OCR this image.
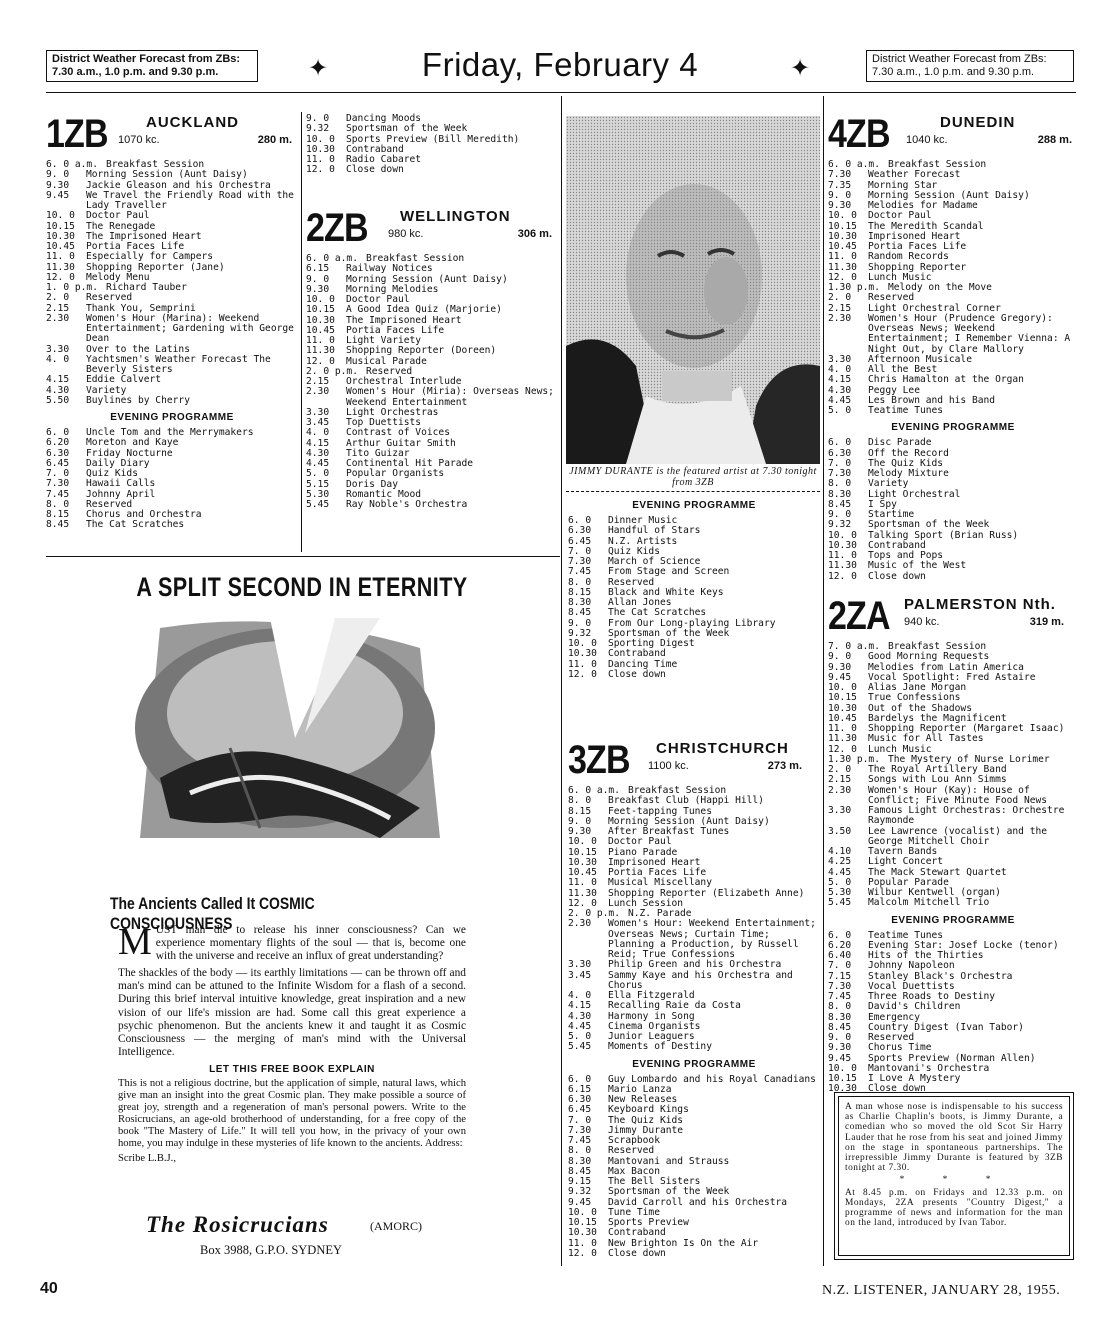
District Weather Forecast from ZBs:
7.30 a.m., 1.0 p.m. and 9.30 p.m.	✦	Friday, February 4	✦	District Weather Forecast from ZBs:
7.30 a.m., 1.0 p.m. and 9.30 p.m.
1ZB	AUCKLAND
1070 kc.	280 m.
6. 0 a.m. Breakfast Session
9. 0	Morning Session (Aunt Daisy)
9.30	Jackie Gleason and his Orchestra
9.45	We Travel the Friendly Road with the Lady Traveller
10. 0	Doctor Paul
10.15	The Renegade
10.30	The Imprisoned Heart
10.45	Portia Faces Life
11. 0	Especially for Campers
11.30	Shopping Reporter (Jane)
12. 0	Melody Menu
1. 0 p.m. Richard Tauber
2. 0	Reserved
2.15	Thank You, Semprini
2.30	Women's Hour (Marina): Weekend Entertainment; Gardening with George Dean
3.30	Over to the Latins
4. 0	Yachtsmen's Weather Forecast The Beverly Sisters
4.15	Eddie Calvert
4.30	Variety
5.50	Buylines by Cherry
EVENING PROGRAMME
6. 0	Uncle Tom and the Merrymakers
6.20	Moreton and Kaye
6.30	Friday Nocturne
6.45	Daily Diary
7. 0	Quiz Kids
7.30	Hawaii Calls
7.45	Johnny April
8. 0	Reserved
8.15	Chorus and Orchestra
8.45	The Cat Scratches
9. 0	Dancing Moods
9.32	Sportsman of the Week
10. 0	Sports Preview (Bill Meredith)
10.30	Contraband
11. 0	Radio Cabaret
12. 0	Close down
2ZB WELLINGTON
980 kc.	306 m.
6. 0 a.m. Breakfast Session
6.15	Railway Notices
9. 0	Morning Session (Aunt Daisy)
9.30	Morning Melodies
10. 0	Doctor Paul
10.15	A Good Idea Quiz (Marjorie)
10.30	The Imprisoned Heart
10.45	Portia Faces Life
11. 0	Light Variety
11.30	Shopping Reporter (Doreen)
12. 0	Musical Parade
2. 0 p.m. Reserved
2.15	Orchestral Interlude
2.30	Women's Hour (Miria): Overseas News; Weekend Entertainment
3.30	Light Orchestras
3.45	Top Duettists
4. 0	Contrast of Voices
4.15	Arthur Guitar Smith
4.30	Tito Guizar
4.45	Continental Hit Parade
5. 0	Popular Organists
5.15	Doris Day
5.30	Romantic Mood
5.45	Ray Noble's Orchestra
A SPLIT SECOND IN ETERNITY
The Ancients Called It COSMIC CONSCIOUSNESS

MUST man die to release his inner consciousness? Can we experience momentary flights of the soul — that is, become one with the universe and receive an influx of great understanding?

The shackles of the body — its earthly limitations — can be thrown off and man's mind can be attuned to the Infinite Wisdom for a flash of a second. During this brief interval intuitive knowledge, great inspiration and a new vision of our life's mission are had. Some call this great experience a psychic phenomenon. But the ancients knew it and taught it as Cosmic Consciousness — the merging of man's mind with the Universal Intelligence.

LET THIS FREE BOOK EXPLAIN
This is not a religious doctrine, but the application of simple, natural laws, which give man an insight into the great Cosmic plan. They make possible a source of great joy, strength and a regeneration of man's personal powers. Write to the Rosicrucians, an age-old brotherhood of understanding, for a free copy of the book "The Mastery of Life." It will tell you how, in the privacy of your own home, you may indulge in these mysteries of life known to the ancients. Address:
Scribe L.B.J.,
The Rosicrucians	(AMORC)
Box 3988, G.P.O. SYDNEY
JIMMY DURANTE is the featured artist at 7.30 tonight from 3ZB
EVENING PROGRAMME
6. 0	Dinner Music
6.30	Handful of Stars
6.45	N.Z. Artists
7. 0	Quiz Kids
7.30	March of Science
7.45	From Stage and Screen
8. 0	Reserved
8.15	Black and White Keys
8.30	Allan Jones
8.45	The Cat Scratches
9. 0	From Our Long-playing Library
9.32	Sportsman of the Week
10. 0	Sporting Digest
10.30	Contraband
11. 0	Dancing Time
12. 0	Close down
3ZB CHRISTCHURCH
1100 kc.	273 m.
6. 0 a.m. Breakfast Session
8. 0	Breakfast Club (Happi Hill)
8.15	Feet-tapping Tunes
9. 0	Morning Session (Aunt Daisy)
9.30	After Breakfast Tunes
10. 0	Doctor Paul
10.15	Piano Parade
10.30	Imprisoned Heart
10.45	Portia Faces Life
11. 0	Musical Miscellany
11.30	Shopping Reporter (Elizabeth Anne)
12. 0	Lunch Session
2. 0 p.m. N.Z. Parade
2.30	Women's Hour: Weekend Entertainment; Overseas News; Curtain Time; Planning a Production, by Russell Reid; True Confessions
3.30	Philip Green and his Orchestra
3.45	Sammy Kaye and his Orchestra and Chorus
4. 0	Ella Fitzgerald
4.15	Recalling Raie da Costa
4.30	Harmony in Song
4.45	Cinema Organists
5. 0	Junior Leaguers
5.45	Moments of Destiny
EVENING PROGRAMME
6. 0	Guy Lombardo and his Royal Canadians
6.15	Mario Lanza
6.30	New Releases
6.45	Keyboard Kings
7. 0	The Quiz Kids
7.30	Jimmy Durante
7.45	Scrapbook
8. 0	Reserved
8.30	Mantovani and Strauss
8.45	Max Bacon
9.15	The Bell Sisters
9.32	Sportsman of the Week
9.45	David Carroll and his Orchestra
10. 0	Tune Time
10.15	Sports Preview
10.30	Contraband
11. 0	New Brighton Is On the Air
12. 0	Close down
4ZB	DUNEDIN
1040 kc.	288 m.
6. 0 a.m. Breakfast Session
7.30	Weather Forecast
7.35	Morning Star
9. 0	Morning Session (Aunt Daisy)
9.30	Melodies for Madame
10. 0	Doctor Paul
10.15	The Meredith Scandal
10.30	Imprisoned Heart
10.45	Portia Faces Life
11. 0	Random Records
11.30	Shopping Reporter
12. 0	Lunch Music
1.30 p.m. Melody on the Move
2. 0	Reserved
2.15	Light Orchestral Corner
2.30	Women's Hour (Prudence Gregory): Overseas News; Weekend Entertainment; I Remember Vienna: A Night Out, by Clare Mallory
3.30	Afternoon Musicale
4. 0	All the Best
4.15	Chris Hamalton at the Organ
4.30	Peggy Lee
4.45	Les Brown and his Band
5. 0	Teatime Tunes
EVENING PROGRAMME
6. 0	Disc Parade
6.30	Off the Record
7. 0	The Quiz Kids
7.30	Melody Mixture
8. 0	Variety
8.30	Light Orchestral
8.45	I Spy
9. 0	Startime
9.32	Sportsman of the Week
10. 0	Talking Sport (Brian Russ)
10.30	Contraband
11. 0	Tops and Pops
11.30	Music of the West
12. 0	Close down
2ZA PALMERSTON Nth.
940 kc.	319 m.
7. 0 a.m. Breakfast Session
9. 0	Good Morning Requests
9.30	Melodies from Latin America
9.45	Vocal Spotlight: Fred Astaire
10. 0	Alias Jane Morgan
10.15	True Confessions
10.30	Out of the Shadows
10.45	Bardelys the Magnificent
11. 0	Shopping Reporter (Margaret Isaac)
11.30	Music for All Tastes
12. 0	Lunch Music
1.30 p.m. The Mystery of Nurse Lorimer
2. 0	The Royal Artillery Band
2.15	Songs with Lou Ann Simms
2.30	Women's Hour (Kay): House of Conflict; Five Minute Food News
3.30	Famous Light Orchestras: Orchestre Raymonde
3.50	Lee Lawrence (vocalist) and the George Mitchell Choir
4.10	Tavern Bands
4.25	Light Concert
4.45	The Mack Stewart Quartet
5. 0	Popular Parade
5.30	Wilbur Kentwell (organ)
5.45	Malcolm Mitchell Trio
EVENING PROGRAMME
6. 0	Teatime Tunes
6.20	Evening Star: Josef Locke (tenor)
6.40	Hits of the Thirties
7. 0	Johnny Napoleon
7.15	Stanley Black's Orchestra
7.30	Vocal Duettists
7.45	Three Roads to Destiny
8. 0	David's Children
8.30	Emergency
8.45	Country Digest (Ivan Tabor)
9. 0	Reserved
9.30	Chorus Time
9.45	Sports Preview (Norman Allen)
10. 0	Mantovani's Orchestra
10.15	I Love A Mystery
10.30	Close down

A man whose nose is indispensable to his success as Charlie Chaplin's boots, is Jimmy Durante, a comedian who so moved the old Scot Sir Harry Lauder that he rose from his seat and joined Jimmy on the stage in spontaneous partnerships. The irrepressible Jimmy Durante is featured by 3ZB tonight at 7.30.

* * *

At 8.45 p.m. on Fridays and 12.33 p.m. on Mondays, 2ZA presents "Country Digest," a programme of news and information for the man on the land, introduced by Ivan Tabor.

40	N.Z. LISTENER, JANUARY 28, 1955.
